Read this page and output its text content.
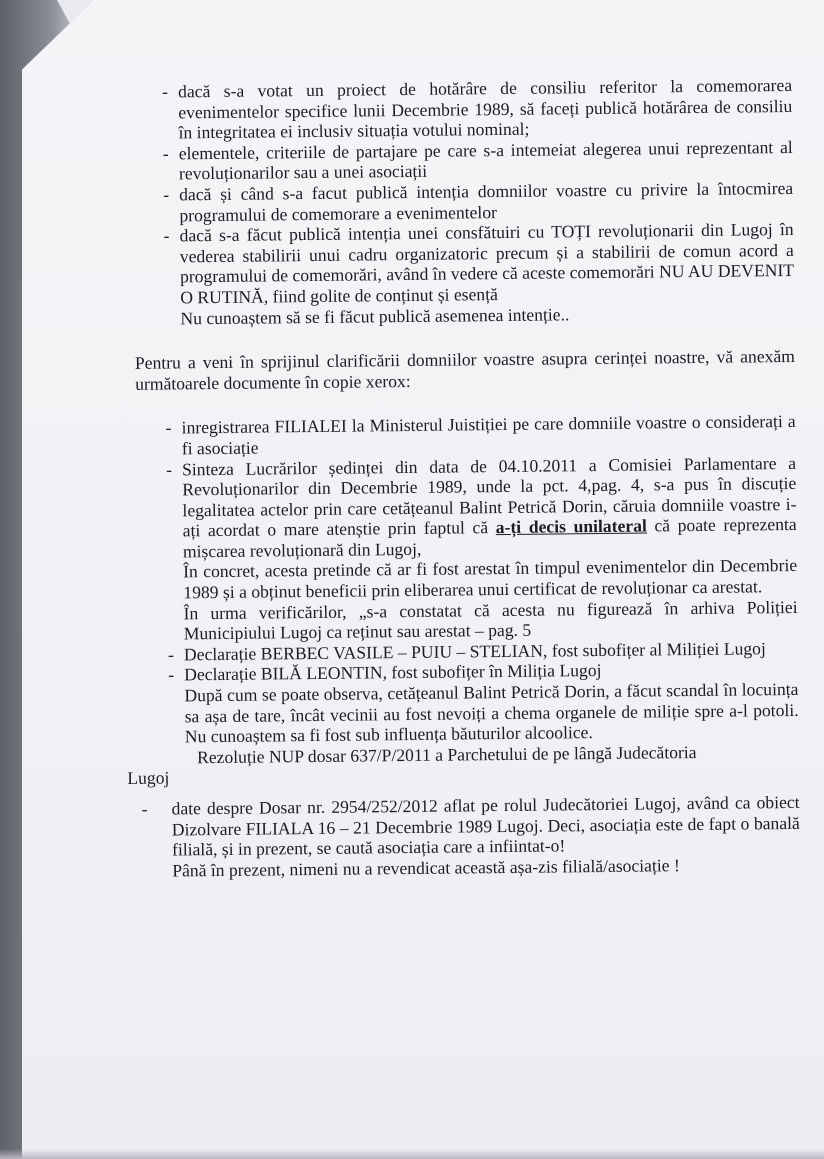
- dacă s-a votat un proiect de hotărâre de consiliu referitor la comemorarea evenimentelor specifice lunii Decembrie 1989, să faceți publică hotărârea de consiliu în integritatea ei inclusiv situația votului nominal;

- elementele, criteriile de partajare pe care s-a intemeiat alegerea unui reprezentant al revoluționarilor sau a unei asociații

- dacă și când s-a facut publică intenția domniilor voastre cu privire la întocmirea programului de comemorare a evenimentelor

- dacă s-a făcut publică intenția unei consfătuiri cu TOȚI revoluționarii din Lugoj în vederea stabilirii unui cadru organizatoric precum și a stabilirii de comun acord a programului de comemorări, având în vedere că aceste comemorări NU AU DEVENIT O RUTINĂ, fiind golite de conținut și esență

Nu cunoaștem să se fi făcut publică asemenea intenție..

Pentru a veni în sprijinul clarificării domniilor voastre asupra cerinței noastre, vă anexăm următoarele documente în copie xerox:

- inregistrarea FILIALEI la Ministerul Juistiției pe care domniile voastre o considerați a fi asociație

- Sinteza Lucrărilor ședinței din data de 04.10.2011 a Comisiei Parlamentare a Revoluționarilor din Decembrie 1989, unde la pct. 4,pag. 4, s-a pus în discuție legalitatea actelor prin care cetățeanul Balint Petrică Dorin, căruia domniile voastre i-ați acordat o mare atenștie prin faptul că a-ți decis unilateral că poate reprezenta mișcarea revoluționară din Lugoj,

În concret, acesta pretinde că ar fi fost arestat în timpul evenimentelor din Decembrie 1989 și a obținut beneficii prin eliberarea unui certificat de revoluționar ca arestat.

În urma verificărilor, „s-a constatat că acesta nu figurează în arhiva Poliției Municipiului Lugoj ca reținut sau arestat – pag. 5

- Declarație BERBEC VASILE – PUIU – STELIAN, fost subofițer al Miliției Lugoj

- Declarație BILĂ LEONTIN, fost subofițer în Miliția Lugoj

După cum se poate observa, cetățeanul Balint Petrică Dorin, a făcut scandal în locuința sa așa de tare, încât vecinii au fost nevoiți a chema organele de miliție spre a-l potoli. Nu cunoaștem sa fi fost sub influența băuturilor alcoolice.

Rezoluție NUP dosar 637/P/2011 a Parchetului de pe lângă Judecătoria

Lugoj

- date despre Dosar nr. 2954/252/2012 aflat pe rolul Judecătoriei Lugoj, având ca obiect Dizolvare FILIALA 16 – 21 Decembrie 1989 Lugoj. Deci, asociația este de fapt o banală filială, și in prezent, se caută asociația care a infiintat-o!

Până în prezent, nimeni nu a revendicat această așa-zis filială/asociație !
